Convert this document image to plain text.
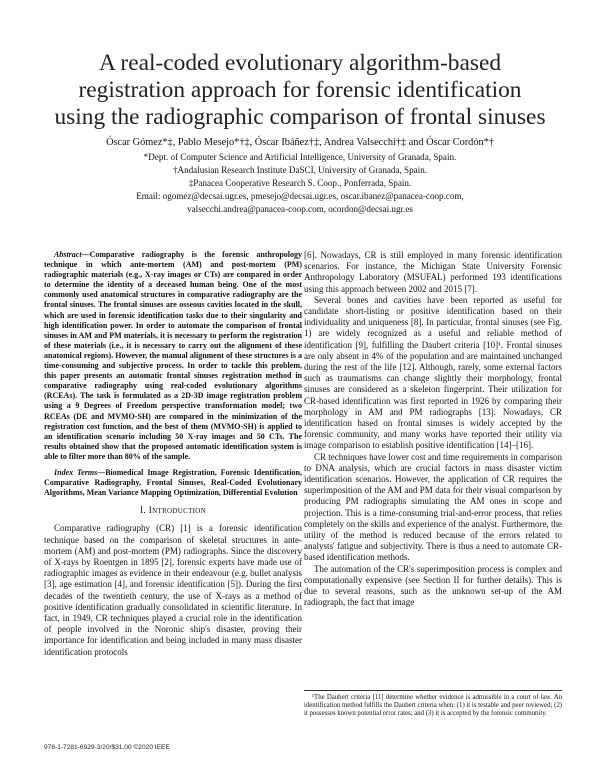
A real-coded evolutionary algorithm-based
registration approach for forensic identification
using the radiographic comparison of frontal sinuses
Óscar Gómez*‡, Pablo Mesejo*†‡, Óscar Ibáñez†‡, Andrea Valsecchi†‡ and Óscar Cordón*†
*Dept. of Computer Science and Artificial Intelligence, University of Granada, Spain.
†Andalusian Research Institute DaSCI, University of Granada, Spain.
‡Panacea Cooperative Research S. Coop., Ponferrada, Spain.
Email: ogomez@decsai.ugr.es, pmesejo@decsai.ugr.es, oscar.ibanez@panacea-coop.com,
valsecchi.andrea@panacea-coop.com, ocordon@decsai.ugr.es

Abstract—Comparative radiography is the forensic anthropology technique in which ante-mortem (AM) and post-mortem (PM) radiographic materials (e.g., X-ray images or CTs) are compared in order to determine the identity of a deceased human being. One of the most commonly used anatomical structures in comparative radiography are the frontal sinuses. The frontal sinuses are osseous cavities located in the skull, which are used in forensic identification tasks due to their singularity and high identification power. In order to automate the comparison of frontal sinuses in AM and PM materials, it is necessary to perform the registration of these materials (i.e., it is necessary to carry out the alignment of these anatomical regions). However, the manual alignment of these structures is a time-consuming and subjective process. In order to tackle this problem, this paper presents an automatic frontal sinuses registration method in comparative radiography using real-coded evolutionary algorithms (RCEAs). The task is formulated as a 2D-3D image registration problem using a 9 Degrees of Freedom perspective transformation model; two RCEAs (DE and MVMO-SH) are compared in the minimization of the registration cost function, and the best of them (MVMO-SH) is applied to an identification scenario including 50 X-ray images and 50 CTs. The results obtained show that the proposed automatic identification system is able to filter more than 80% of the sample.

Index Terms—Biomedical Image Registration, Forensic Identification, Comparative Radiography, Frontal Sinuses, Real-Coded Evolutionary Algorithms, Mean Variance Mapping Optimization, Differential Evolution

I. Introduction

Comparative radiography (CR) [1] is a forensic identification technique based on the comparison of skeletal structures in ante-mortem (AM) and post-mortem (PM) radiographs. Since the discovery of X-rays by Roentgen in 1895 [2], forensic experts have made use of radiographic images as evidence in their endeavour (e.g. bullet analysis [3], age estimation [4], and forensic identification [5]). During the first decades of the twentieth century, the use of X-rays as a method of positive identification gradually consolidated in scientific literature. In fact, in 1949, CR techniques played a crucial role in the identification of people involved in the Noronic ship's disaster, proving their importance for identification and being included in many mass disaster identification protocols

[6]. Nowadays, CR is still employed in many forensic identification scenarios. For instance, the Michigan State University Forensic Anthropology Laboratory (MSUFAL) performed 193 identifications using this approach between 2002 and 2015 [7].

Several bones and cavities have been reported as useful for candidate short-listing or positive identification based on their individuality and uniqueness [8]. In particular, frontal sinuses (see Fig. 1) are widely recognized as a useful and reliable method of identification [9], fulfilling the Daubert criteria [10]¹. Frontal sinuses are only absent in 4% of the population and are maintained unchanged during the rest of the life [12]. Although, rarely, some external factors such as traumatisms can change slightly their morphology, frontal sinuses are considered as a skeleton fingerprint. Their utilization for CR-based identification was first reported in 1926 by comparing their morphology in AM and PM radiographs [13]. Nowadays, CR identification based on frontal sinuses is widely accepted by the forensic community, and many works have reported their utility via image comparison to establish positive identification [14]–[16].

CR techniques have lower cost and time requirements in comparison to DNA analysis, which are crucial factors in mass disaster victim identification scenarios. However, the application of CR requires the superimposition of the AM and PM data for their visual comparison by producing PM radiographs simulating the AM ones in scope and projection. This is a time-consuming trial-and-error process, that relies completely on the skills and experience of the analyst. Furthermore, the utility of the method is reduced because of the errors related to analysts' fatigue and subjectivity. There is thus a need to automate CR-based identification methods.

The automation of the CR's superimposition process is complex and computationally expensive (see Section II for further details). This is due to several reasons, such as the unknown set-up of the AM radiograph, the fact that image

¹The Daubert criteria [11] determine whether evidence is admissible in a court of law. An identification method fulfills the Daubert criteria when: (1) it is testable and peer reviewed; (2) it possesses known potential error rates; and (3) it is accepted by the forensic community.

978-1-7281-6929-3/20/$31.00 ©2020 IEEE
